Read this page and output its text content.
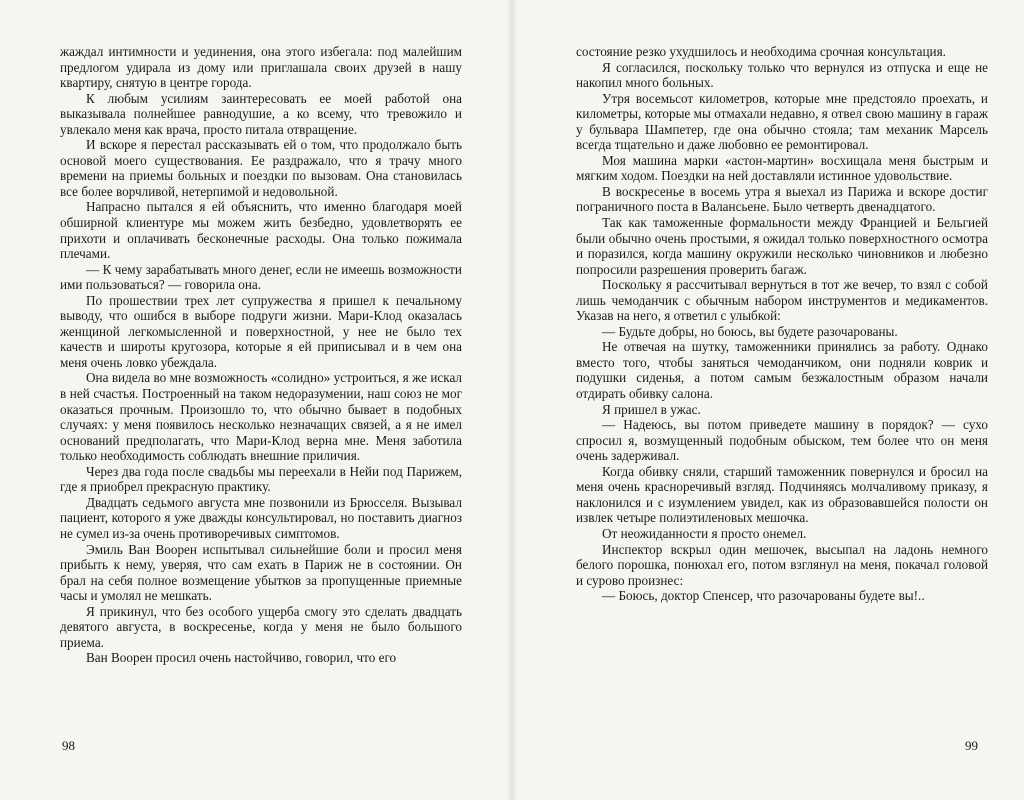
жаждал интимности и уединения, она этого избегала: под малейшим предлогом удирала из дому или приглашала своих друзей в нашу квартиру, снятую в центре города.

К любым усилиям заинтересовать ее моей работой она выказывала полнейшее равнодушие, а ко всему, что тревожило и увлекало меня как врача, просто питала отвращение.

И вскоре я перестал рассказывать ей о том, что продолжало быть основой моего существования. Ее раздражало, что я трачу много времени на приемы больных и поездки по вызовам. Она становилась все более ворчливой, нетерпимой и недовольной.

Напрасно пытался я ей объяснить, что именно благодаря моей обширной клиентуре мы можем жить безбедно, удовлетворять ее прихоти и оплачивать бесконечные расходы. Она только пожимала плечами.

— К чему зарабатывать много денег, если не имеешь возможности ими пользоваться? — говорила она.

По прошествии трех лет супружества я пришел к печальному выводу, что ошибся в выборе подруги жизни. Мари-Клод оказалась женщиной легкомысленной и поверхностной, у нее не было тех качеств и широты кругозора, которые я ей приписывал и в чем она меня очень ловко убеждала.

Она видела во мне возможность «солидно» устроиться, я же искал в ней счастья. Построенный на таком недоразумении, наш союз не мог оказаться прочным. Произошло то, что обычно бывает в подобных случаях: у меня появилось несколько незначащих связей, а я не имел оснований предполагать, что Мари-Клод верна мне. Меня заботила только необходимость соблюдать внешние приличия.

Через два года после свадьбы мы переехали в Нейи под Парижем, где я приобрел прекрасную практику.

Двадцать седьмого августа мне позвонили из Брюсселя. Вызывал пациент, которого я уже дважды консультировал, но поставить диагноз не сумел из-за очень противоречивых симптомов.

Эмиль Ван Воорен испытывал сильнейшие боли и просил меня прибыть к нему, уверяя, что сам ехать в Париж не в состоянии. Он брал на себя полное возмещение убытков за пропущенные приемные часы и умолял не мешкать.

Я прикинул, что без особого ущерба смогу это сделать двадцать девятого августа, в воскресенье, когда у меня не было большого приема.

Ван Воорен просил очень настойчиво, говорил, что его

98

состояние резко ухудшилось и необходима срочная консультация.

Я согласился, поскольку только что вернулся из отпуска и еще не накопил много больных.

Утря восемьсот километров, которые мне предстояло проехать, и километры, которые мы отмахали недавно, я отвел свою машину в гараж у бульвара Шампетер, где она обычно стояла; там механик Марсель всегда тщательно и даже любовно ее ремонтировал.

Моя машина марки «астон-мартин» восхищала меня быстрым и мягким ходом. Поездки на ней доставляли истинное удовольствие.

В воскресенье в восемь утра я выехал из Парижа и вскоре достиг пограничного поста в Валансьене. Было четверть двенадцатого.

Так как таможенные формальности между Францией и Бельгией были обычно очень простыми, я ожидал только поверхностного осмотра и поразился, когда машину окружили несколько чиновников и любезно попросили разрешения проверить багаж.

Поскольку я рассчитывал вернуться в тот же вечер, то взял с собой лишь чемоданчик с обычным набором инструментов и медикаментов. Указав на него, я ответил с улыбкой:

— Будьте добры, но боюсь, вы будете разочарованы.

Не отвечая на шутку, таможенники принялись за работу. Однако вместо того, чтобы заняться чемоданчиком, они подняли коврик и подушки сиденья, а потом самым безжалостным образом начали отдирать обивку салона.

Я пришел в ужас.

— Надеюсь, вы потом приведете машину в порядок? — сухо спросил я, возмущенный подобным обыском, тем более что он меня очень задерживал.

Когда обивку сняли, старший таможенник повернулся и бросил на меня очень красноречивый взгляд. Подчиняясь молчаливому приказу, я наклонился и с изумлением увидел, как из образовавшейся полости он извлек четыре полиэтиленовых мешочка.

От неожиданности я просто онемел.

Инспектор вскрыл один мешочек, высыпал на ладонь немного белого порошка, понюхал его, потом взглянул на меня, покачал головой и сурово произнес:

— Боюсь, доктор Спенсер, что разочарованы будете вы!..

99
